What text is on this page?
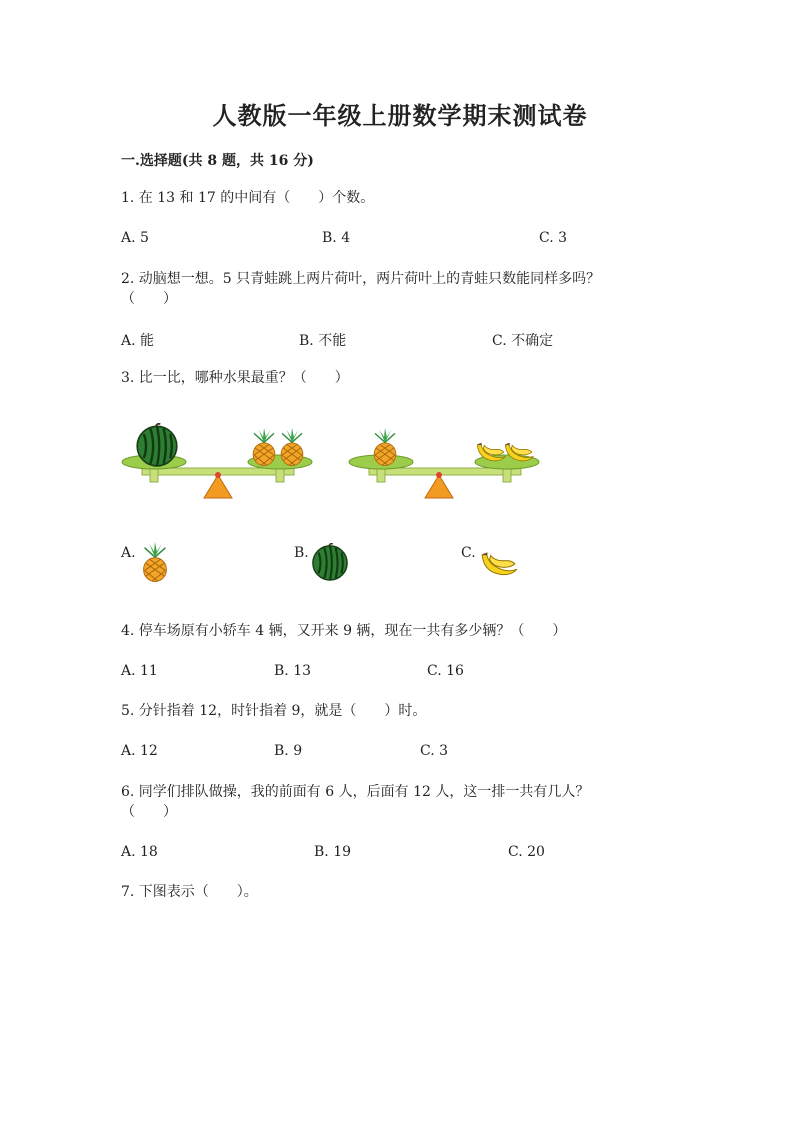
人教版一年级上册数学期末测试卷
一.选择题(共 8 题，共 16 分)
1. 在 13 和 17 的中间有（　　）个数。
A. 5	B. 4	C. 3
2. 动脑想一想。5 只青蛙跳上两片荷叶，两片荷叶上的青蛙只数能同样多吗？
（　　）
A. 能	B. 不能	C. 不确定
3. 比一比，哪种水果最重？（　　）
A.	B.	C.
4. 停车场原有小轿车 4 辆，又开来 9 辆，现在一共有多少辆？（　　）
A. 11	B. 13	C. 16
5. 分针指着 12，时针指着 9，就是（　　）时。
A. 12	B. 9	C. 3
6. 同学们排队做操，我的前面有 6 人，后面有 12 人，这一排一共有几人？
（　　）
A. 18	B. 19	C. 20
7. 下图表示（　　）。
